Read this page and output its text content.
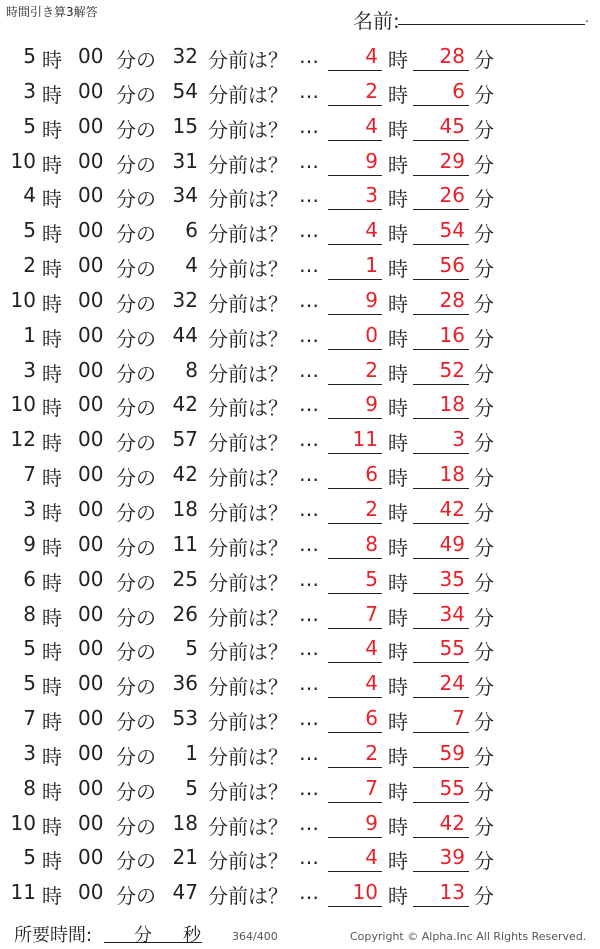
時間引き算3解答	名前:	.
5 時 00 分の 32 分前は？ …	4 時	28 分
3 時 00 分の 54 分前は？ …	2 時	6 分
5 時 00 分の 15 分前は？ …	4 時	45 分
10 時 00 分の 31 分前は？ …	9 時	29 分
4 時 00 分の 34 分前は？ …	3 時	26 分
5 時 00 分の	6 分前は？ …	4 時	54 分
2 時 00 分の	4 分前は？ …	1 時	56 分
10 時 00 分の 32 分前は？ …	9 時	28 分
1 時 00 分の 44 分前は？ …	0 時	16 分
3 時 00 分の	8 分前は？ …	2 時	52 分
10 時 00 分の 42 分前は？ …	9 時	18 分
12 時 00 分の 57 分前は？ …	11 時	3 分
7 時 00 分の 42 分前は？ …	6 時	18 分
3 時 00 分の 18 分前は？ …	2 時	42 分
9 時 00 分の 11 分前は？ …	8 時	49 分
6 時 00 分の 25 分前は？ …	5 時	35 分
8 時 00 分の 26 分前は？ …	7 時	34 分
5 時 00 分の	5 分前は？ …	4 時	55 分
5 時 00 分の 36 分前は？ …	4 時	24 分
7 時 00 分の 53 分前は？ …	6 時	7 分
3 時 00 分の	1 分前は？ …	2 時	59 分
8 時 00 分の	5 分前は？ …	7 時	55 分
10 時 00 分の 18 分前は？ …	9 時	42 分
5 時 00 分の 21 分前は？ …	4 時	39 分
11 時 00 分の 47 分前は？ …	10 時	13 分
所要時間: 分 秒	364/400	Copyright © Alpha.Inc All Rights Reserved.
